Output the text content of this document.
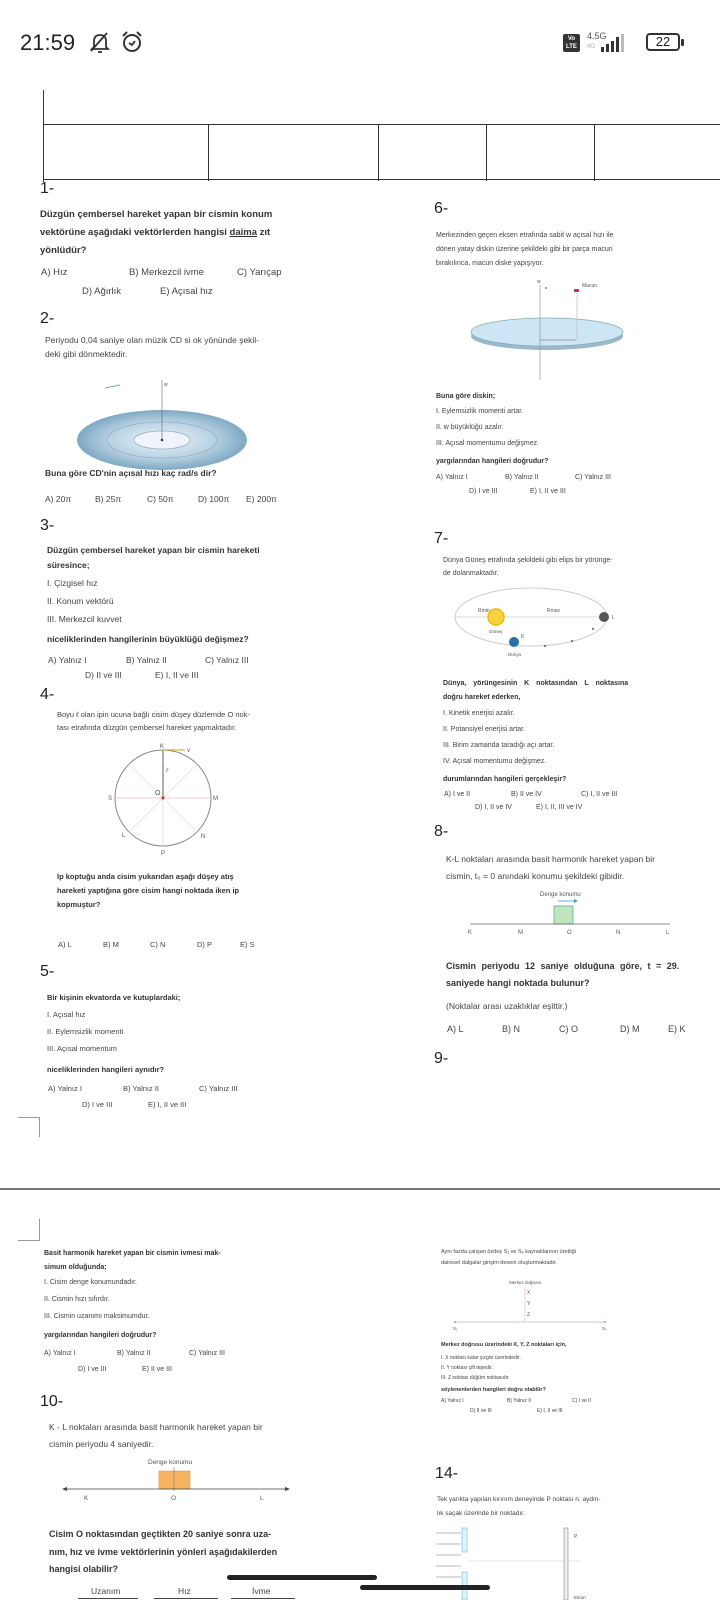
21:59	Vo LTE
4.5G
4G	22
1-
Düzgün çembersel hareket yapan bir cismin konum
vektörüne aşağıdaki vektörlerden hangisi daima zıt
yönlüdür?
A) Hız	B) Merkezcil ivme	C) Yarıçap
D) Ağırlık	E) Açısal hız
2-
Periyodu 0,04 saniye olan müzik CD si ok yönünde şekil-
deki gibi dönmektedir.
w
Buna göre CD'nin açısal hızı kaç rad/s dir?
A) 20π	B) 25π	C) 50π	D) 100π E) 200π
3-
Düzgün çembersel hareket yapan bir cismin hareketi
süresince;
I. Çizgisel hız
II. Konum vektörü
III. Merkezcil kuvvet
niceliklerinden hangilerinin büyüklüğü değişmez?
A) Yalnız I	B) Yalnız II	C) Yalnız III
D) II ve III	E) I, II ve III
4-
Boyu ℓ olan ipin ucuna bağlı cisim düşey düzlemde O nok-
tası etrafında düzgün çembersel hareket yapmaktadır.
K
v
ℓ
O
S	M
L	N
P
İp koptuğu anda cisim yukarıdan aşağı düşey atış
hareketi yaptığına göre cisim hangi noktada iken ip
kopmuştur?
A) L	B) M	C) N	D) P	E) S
5-
Bir kişinin ekvatorda ve kutuplardaki;
I. Açısal hız
II. Eylemsizlik momenti
III. Açısal momentum
niceliklerinden hangileri aynıdır?
A) Yalnız I	B) Yalnız II	C) Yalnız III
D) I ve III	E) I, II ve III
6-
Merkezinden geçen eksen etrafında sabit w açısal hızı ile
dönen yatay diskin üzerine şekildeki gibi bir parça macun
bırakılınca, macun diske yapışıyor.
w
Macun
Buna göre diskin;
I. Eylemsizlik momenti artar.
II. w büyüklüğü azalır.
III. Açısal momentumu değişmez.
yargılarından hangileri doğrudur?
A) Yalnız I	B) Yalnız II	C) Yalnız III
D) I ve III	E) I, II ve III
7-
Dünya Güneş etrafında şekildeki gibi elips bir yörünge-
de dolanmaktadır.
Rmin	Rmax
Güneş
Dünya
K
L
Dünya, yörüngesinin K noktasından L noktasına
doğru hareket ederken,
I. Kinetik enerjisi azalır.
II. Potansiyel enerjisi artar.
III. Birim zamanda taradığı açı artar.
IV. Açısal momentumu değişmez.
durumlarından hangileri gerçekleşir?
A) I ve II	B) II ve IV	C) I, II ve III
D) I, II ve IV	E) I, II, III ve IV
8-
K-L noktaları arasında basit harmonik hareket yapan bir
cismin, t₀ = 0 anındaki konumu şekildeki gibidir.
Denge konumu
K	M	O	N	L
Cismin periyodu 12 saniye olduğuna göre, t = 29.
saniyede hangi noktada bulunur?
(Noktalar arası uzaklıklar eşittir.)
A) L	B) N	C) O	D) M	E) K
9-
Basit harmonik hareket yapan bir cismin ivmesi mak-
simum olduğunda;
I. Cisim denge konumundadır.
II. Cismin hızı sıfırdır.
III. Cismin uzanımı maksimumdur.
yargılarından hangileri doğrudur?
A) Yalnız I	B) Yalnız II	C) Yalnız III
D) I ve III	E) II ve III
10-
K - L noktaları arasında basit harmonik hareket yapan bir
cismin periyodu 4 saniyedir.
Denge konumu
K	O	L
Cisim O noktasından geçtikten 20 saniye sonra uza-
nım, hız ve ivme vektörlerinin yönleri aşağıdakilerden
hangisi olabilir?
Uzanım	Hız	İvme
Aynı fazda çalışan özdeş S₁ ve S₂ kaynaklarının ürettiği
dairesel dalgalar girişim deseni oluşturmaktadır.
Merkez doğrusu
X
Y
Z
S₁	S₂
Merkez doğrusu üzerindeki X, Y, Z noktaları için,
I. X noktası katar çizgisi üzerindedir.
II. Y noktası çift tepedir.
III. Z noktası düğüm noktasıdır.
söylenenlerden hangileri doğru olabilir?
A) Yalnız I	B) Yalnız II	C) I ve II
D) II ve III	E) I, II ve III
14-
Tek yarıkta yapılan kırınım deneyinde P noktası n. aydın-
lık saçak üzerinde bir noktadır.
P
Ekran
